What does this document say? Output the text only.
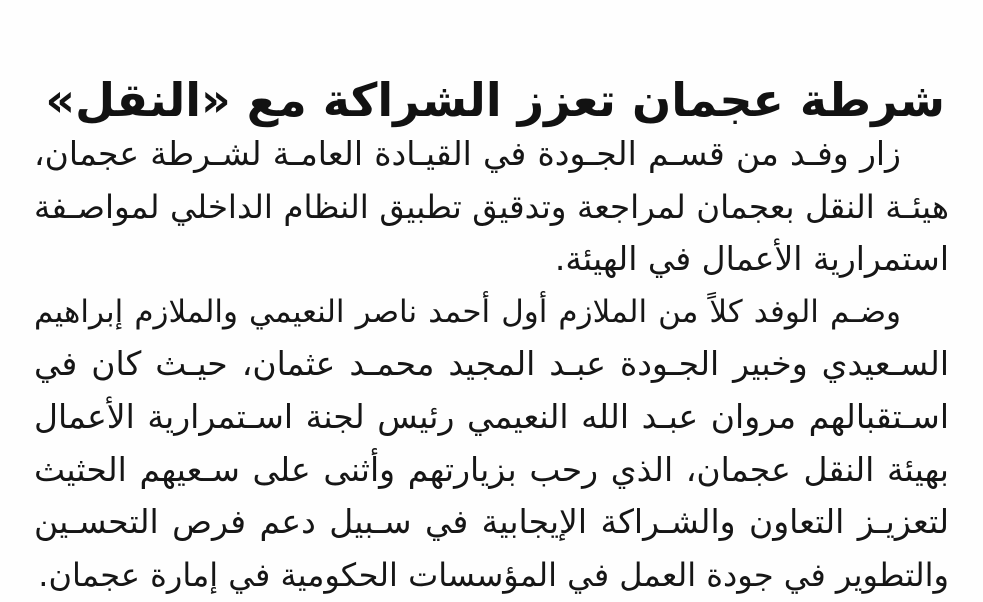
شرطة عجمان تعزز الشراكة مع «النقل»
زار وفـد من قسـم الجـودة في القيـادة العامـة لشـرطة عجمان،
هيئـة النقل بعجمان لمراجعة وتدقيق تطبيق النظام الداخلي لمواصـفة
استمرارية الأعمال في الهيئة.
وضـم الوفد كلاً من الملازم أول أحمد ناصر النعيمي والملازم إبراهيم
السـعيدي وخبير الجـودة عبـد المجيد محمـد عثمان، حيـث كان في
اسـتقبالهم مروان عبـد الله النعيمي رئيس لجنة اسـتمرارية الأعمال
بهيئة النقل عجمان، الذي رحب بزيارتهم وأثنى على سـعيهم الحثيث
لتعزيـز التعاون والشـراكة الإيجابية في سـبيل دعم فرص التحسـين
والتطوير في جودة العمل في المؤسسات الحكومية في إمارة عجمان.
